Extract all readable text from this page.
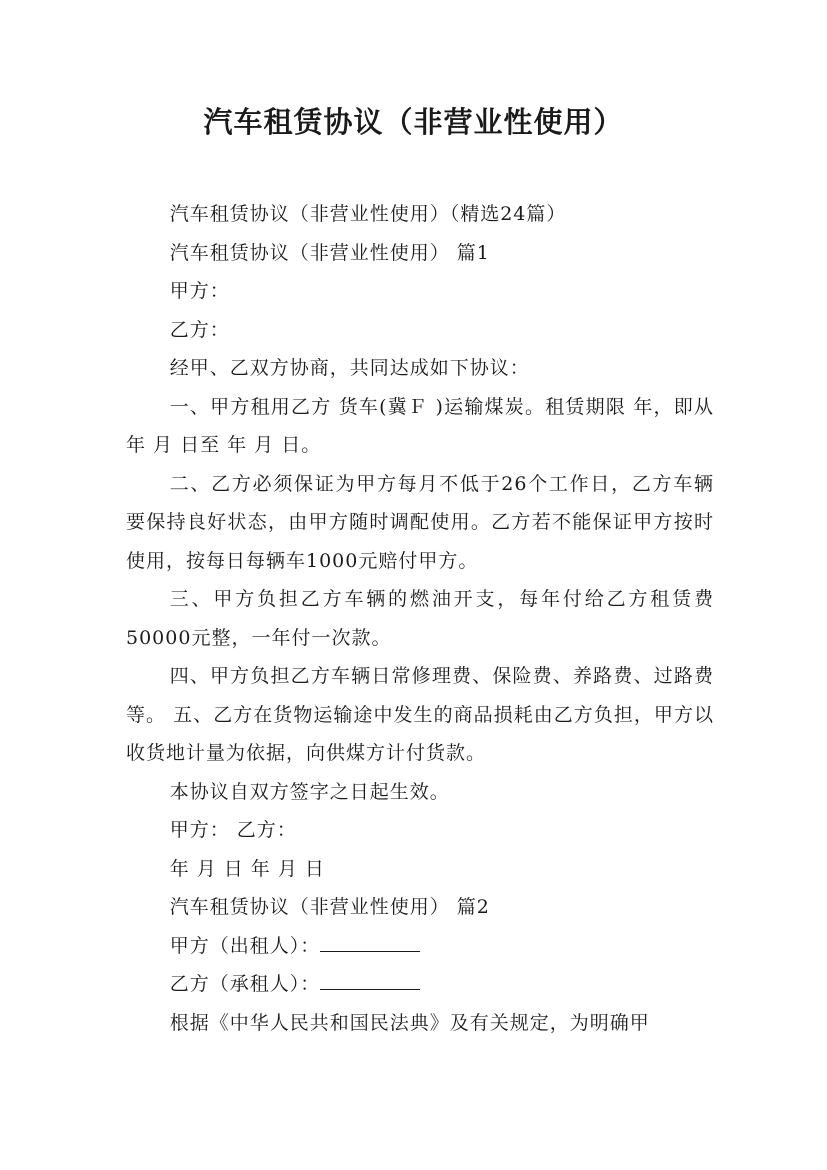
汽车租赁协议（非营业性使用）

汽车租赁协议（非营业性使用）（精选24篇）

汽车租赁协议（非营业性使用） 篇1

甲方：

乙方：

经甲、乙双方协商，共同达成如下协议：

一、甲方租用乙方 货车(冀Ｆ )运输煤炭。租赁期限 年，即从 年 月 日至 年 月 日。

二、乙方必须保证为甲方每月不低于26个工作日，乙方车辆要保持良好状态，由甲方随时调配使用。乙方若不能保证甲方按时使用，按每日每辆车1000元赔付甲方。

三、甲方负担乙方车辆的燃油开支，每年付给乙方租赁费50000元整，一年付一次款。

四、甲方负担乙方车辆日常修理费、保险费、养路费、过路费等。 五、乙方在货物运输途中发生的商品损耗由乙方负担，甲方以收货地计量为依据，向供煤方计付货款。

本协议自双方签字之日起生效。

甲方： 乙方：

年 月 日 年 月 日

汽车租赁协议（非营业性使用） 篇2

甲方（出租人）：

乙方（承租人）：

根据《中华人民共和国民法典》及有关规定，为明确甲
